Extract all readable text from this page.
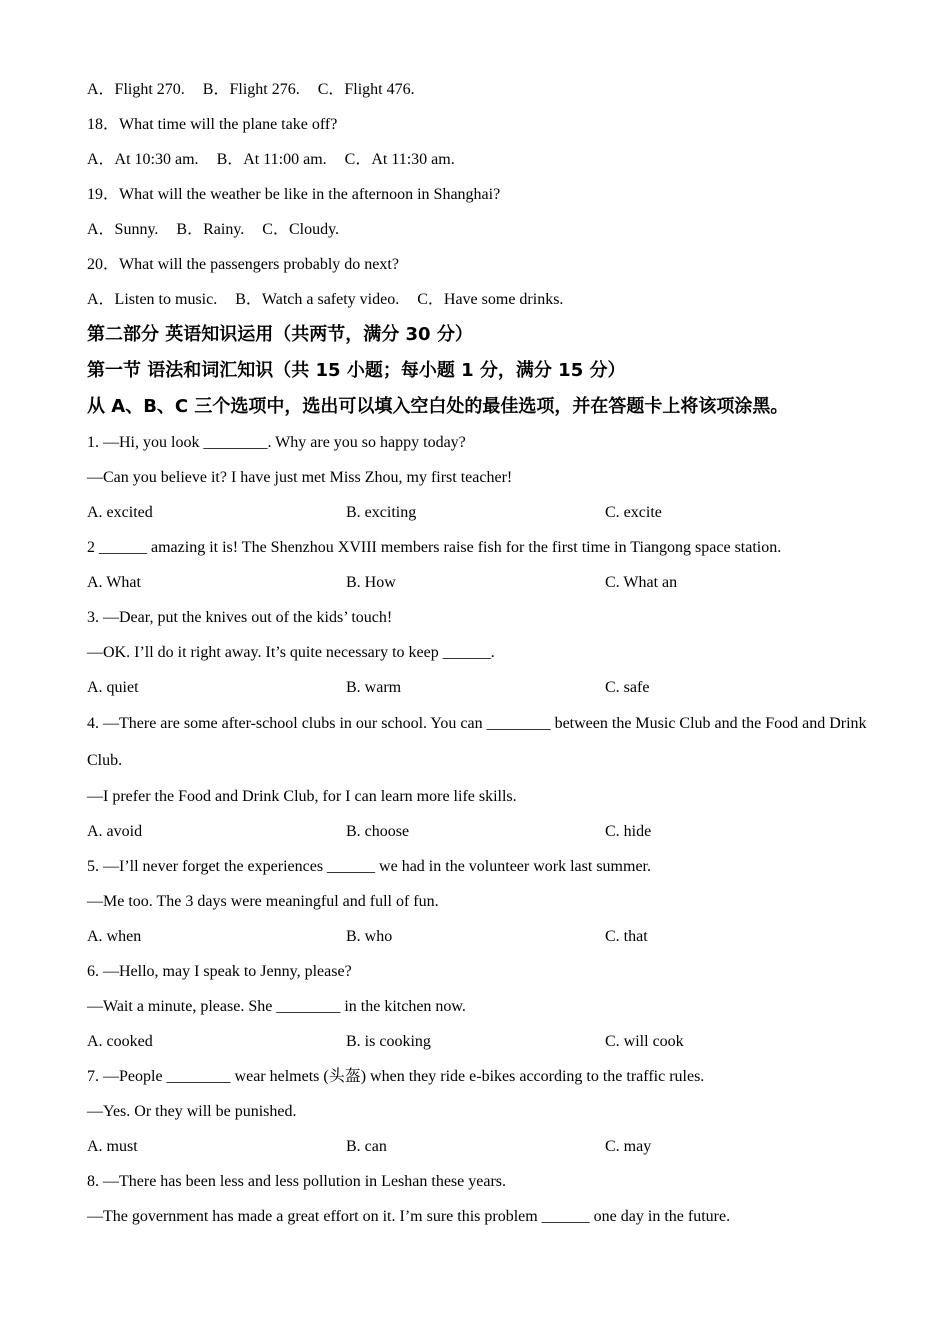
A．Flight 270. B．Flight 276. C．Flight 476.
18．What time will the plane take off?
A．At 10:30 am. B．At 11:00 am. C．At 11:30 am.
19．What will the weather be like in the afternoon in Shanghai?
A．Sunny. B．Rainy. C．Cloudy.
20．What will the passengers probably do next?
A．Listen to music. B．Watch a safety video. C．Have some drinks.
第二部分 英语知识运用（共两节，满分 30 分）
第一节 语法和词汇知识（共 15 小题；每小题 1 分，满分 15 分）
从 A、B、C 三个选项中，选出可以填入空白处的最佳选项，并在答题卡上将该项涂黑。
1. —Hi, you look ________. Why are you so happy today?
—Can you believe it? I have just met Miss Zhou, my first teacher!
A. excited	B. exciting	C. excite
2 ______ amazing it is! The Shenzhou XVIII members raise fish for the first time in Tiangong space station.
A. What	B. How	C. What an
3. —Dear, put the knives out of the kids’ touch!
—OK. I’ll do it right away. It’s quite necessary to keep ______.
A. quiet	B. warm	C. safe
4. —There are some after-school clubs in our school. You can ________ between the Music Club and the Food and Drink Club.
—I prefer the Food and Drink Club, for I can learn more life skills.
A. avoid	B. choose	C. hide
5. —I’ll never forget the experiences ______ we had in the volunteer work last summer.
—Me too. The 3 days were meaningful and full of fun.
A. when	B. who	C. that
6. —Hello, may I speak to Jenny, please?
—Wait a minute, please. She ________ in the kitchen now.
A. cooked	B. is cooking	C. will cook
7. —People ________ wear helmets (头盔) when they ride e-bikes according to the traffic rules.
—Yes. Or they will be punished.
A. must	B. can	C. may
8. —There has been less and less pollution in Leshan these years.
—The government has made a great effort on it. I’m sure this problem ______ one day in the future.
